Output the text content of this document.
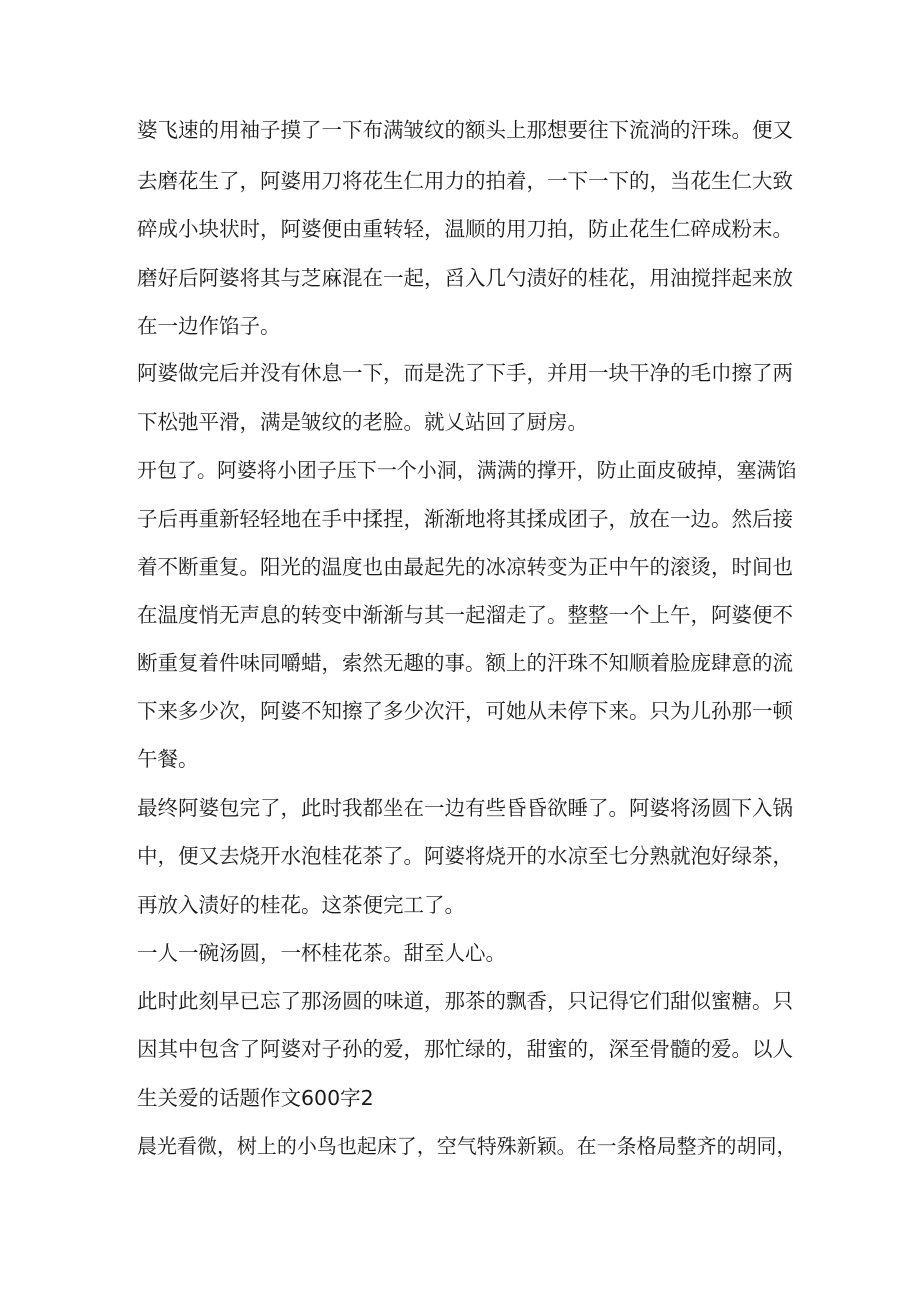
婆飞速的用袖子摸了一下布满皱纹的额头上那想要往下流淌的汗珠。便又

去磨花生了，阿婆用刀将花生仁用力的拍着，一下一下的，当花生仁大致

碎成小块状时，阿婆便由重转轻，温顺的用刀拍，防止花生仁碎成粉末。

磨好后阿婆将其与芝麻混在一起，舀入几勺渍好的桂花，用油搅拌起来放

在一边作馅子。

阿婆做完后并没有休息一下，而是洗了下手，并用一块干净的毛巾擦了两

下松弛平滑，满是皱纹的老脸。就乂站回了厨房。

开包了。阿婆将小团子压下一个小洞，满满的撑开，防止面皮破掉，塞满馅

子后再重新轻轻地在手中揉捏，渐渐地将其揉成团子，放在一边。然后接

着不断重复。阳光的温度也由最起先的冰凉转变为正中午的滚烫，时间也

在温度悄无声息的转变中渐渐与其一起溜走了。整整一个上午，阿婆便不

断重复着件味同嚼蜡，索然无趣的事。额上的汗珠不知顺着脸庞肆意的流

下来多少次，阿婆不知擦了多少次汗，可她从未停下来。只为儿孙那一顿

午餐。

最终阿婆包完了，此时我都坐在一边有些昏昏欲睡了。阿婆将汤圆下入锅

中，便又去烧开水泡桂花茶了。阿婆将烧开的水凉至七分熟就泡好绿茶，

再放入渍好的桂花。这茶便完工了。

一人一碗汤圆，一杯桂花茶。甜至人心。

此时此刻早已忘了那汤圆的味道，那茶的飘香，只记得它们甜似蜜糖。只

因其中包含了阿婆对子孙的爱，那忙绿的，甜蜜的，深至骨髓的爱。以人

生关爱的话题作文600字2

晨光看微，树上的小鸟也起床了，空气特殊新颖。在一条格局整齐的胡同，
